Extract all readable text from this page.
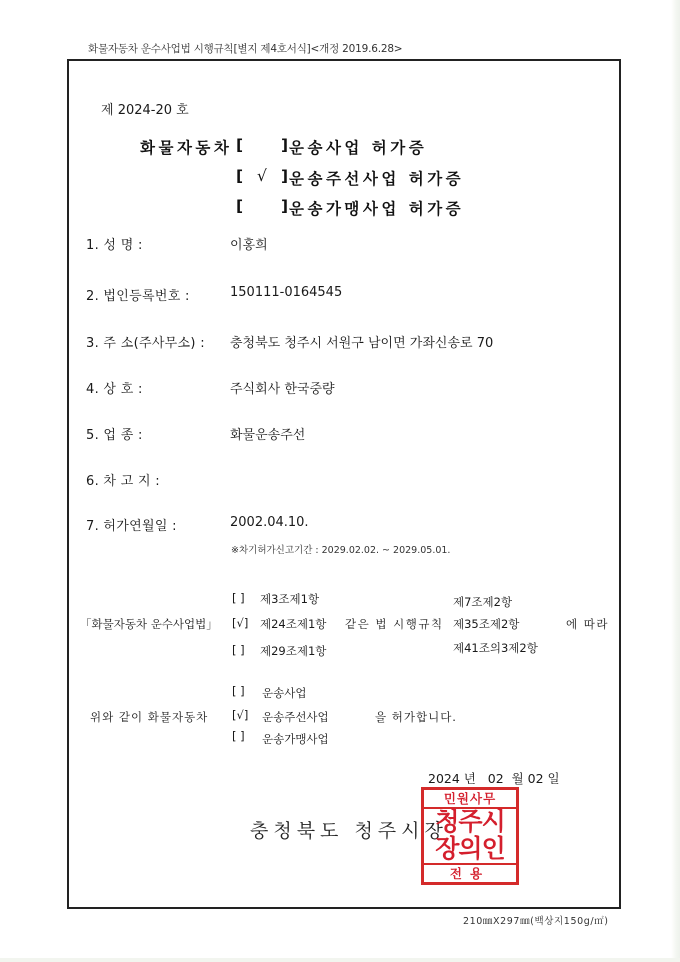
화물자동차 운수사업법 시행규칙[별지 제4호서식]<개정 2019.6.28>
제 2024-20 호
화물자동차 [ ]
운송사업 허가증
[ √ ]
운송주선사업 허가증
[ ]
운송가맹사업 허가증
1. 성 명 :	이홍희
2. 법인등록번호 :	150111-0164545
3. 주 소(주사무소) : 충청북도 청주시 서원구 남이면 가좌신송로 70
4. 상 호 :	주식회사 한국중량
5. 업 종 :	화물운송주선
6. 차 고 지 :
7. 허가연월일 :	2002.04.10.
※차기허가신고기간 : 2029.02.02. ~ 2029.05.01.
[ ] 제3조제1항	제7조제2항
「화물자동차 운수사업법」 [√] 제24조제1항 같은 법 시행규칙 제35조제2항	에 따라
[ ] 제29조제1항	제41조의3제2항
[ ] 운송사업
위와 같이 화물자동차 [√] 운송주선사업	을 허가합니다.
[ ] 운송가맹사업
2024 년   02  월 02 일
충청북도 청주시장
민원사무
청주시
장의인
전용
210㎜X297㎜(백상지150g/㎡)
